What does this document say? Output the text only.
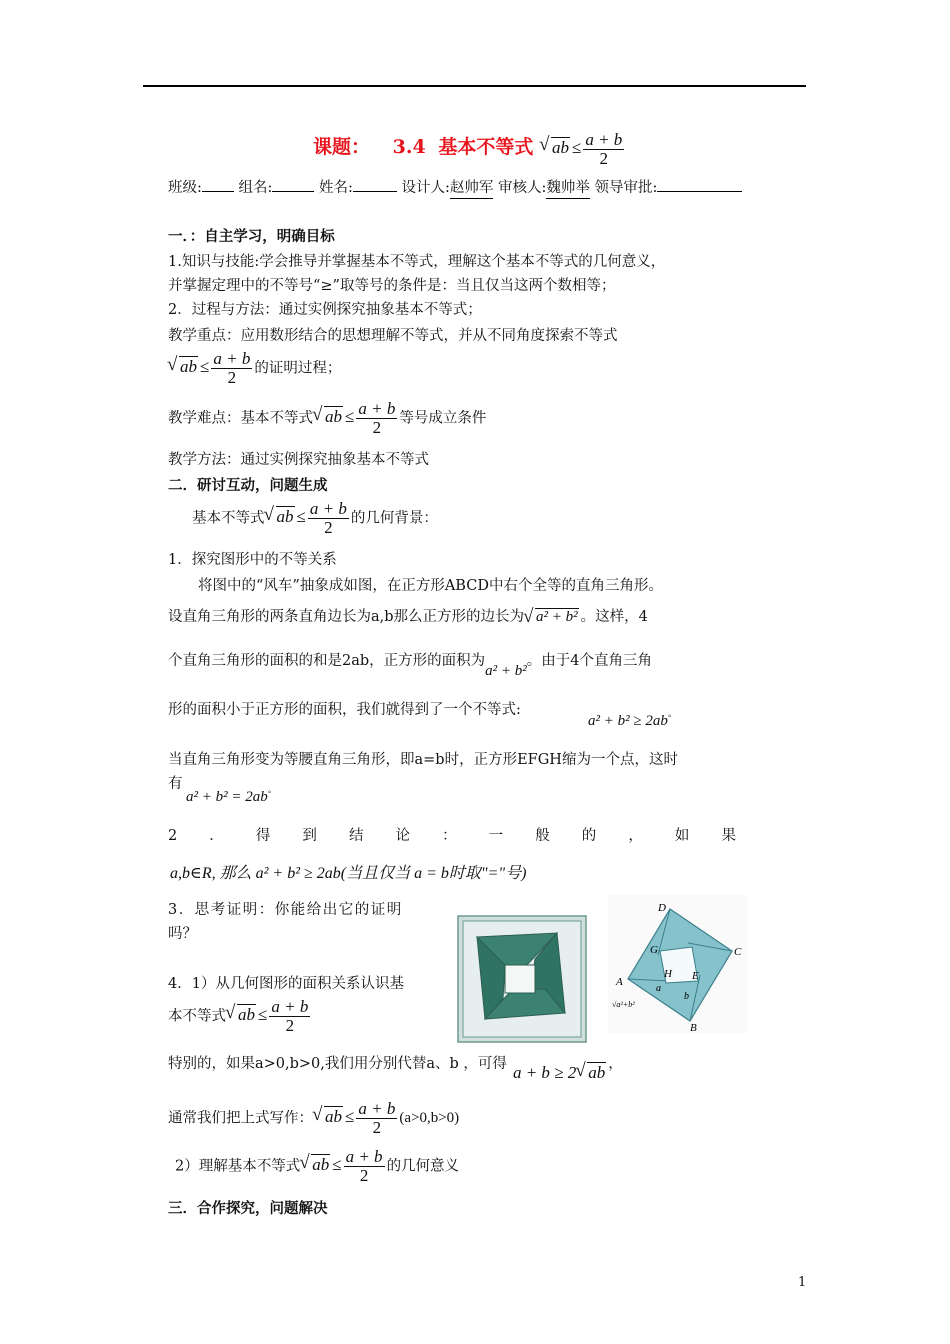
课题： 3.4 基本不等式 √ ab ≤ $\frac{a + b}{2}$
班级:	组名:	姓名:	设计人:赵帅军 审核人:魏帅举 领导审批:
一．：自主学习，明确目标
1.知识与技能:学会推导并掌握基本不等式，理解这个基本不等式的几何意义，
并掌握定理中的不等号“≥”取等号的条件是：当且仅当这两个数相等；
2．过程与方法：通过实例探究抽象基本不等式；
教学重点：应用数形结合的思想理解不等式，并从不同角度探索不等式
√ ab ≤ $\frac{a + b}{2}$ 的证明过程；
教学难点：基本不等式 √ ab ≤ $\frac{a + b}{2}$ 等号成立条件
教学方法：通过实例探究抽象基本不等式
二．研讨互动，问题生成
基本不等式 √ ab ≤ $\frac{a + b}{2}$ 的几何背景：
1．探究图形中的不等关系
将图中的“风车”抽象成如图，在正方形ABCD中右个全等的直角三角形。
设直角三角形的两条直角边长为a,b那么正方形的边长为 √ a² + b² 。这样，4
个直角三角形的面积的和是2ab，正方形的面积为a² + b²。由于4个直角三角
形的面积小于正方形的面积，我们就得到了一个不等式:
a² + b² ≥ 2ab◦
当直角三角形变为等腰直角三角形，即a=b时，正方形EFGH缩为一个点，这时
有
a² + b² = 2ab◦
2 ． 得 到 结 论 ： 一 般 的 ， 如 果
a,b∈R, 那么 a² + b² ≥ 2ab(当且仅当 a = b时取"="号)
3．思考证明：你能给出它的证明
吗？
4．1）从几何图形的面积关系认识基
本不等式 √ ab ≤ $\frac{a + b}{2}$
特别的，如果a>0,b>0,我们用分别代替a、b ，可得 a + b ≥ 2 √ ab ，
通常我们把上式写作： √ ab ≤ $\frac{a + b}{2} (a>0,b>0)$
2）理解基本不等式 √ ab ≤ $\frac{a + b}{2}$ 的几何意义
三．合作探究，问题解决
D
G	C
H E
A
a
b
B
√a²+b²
1
